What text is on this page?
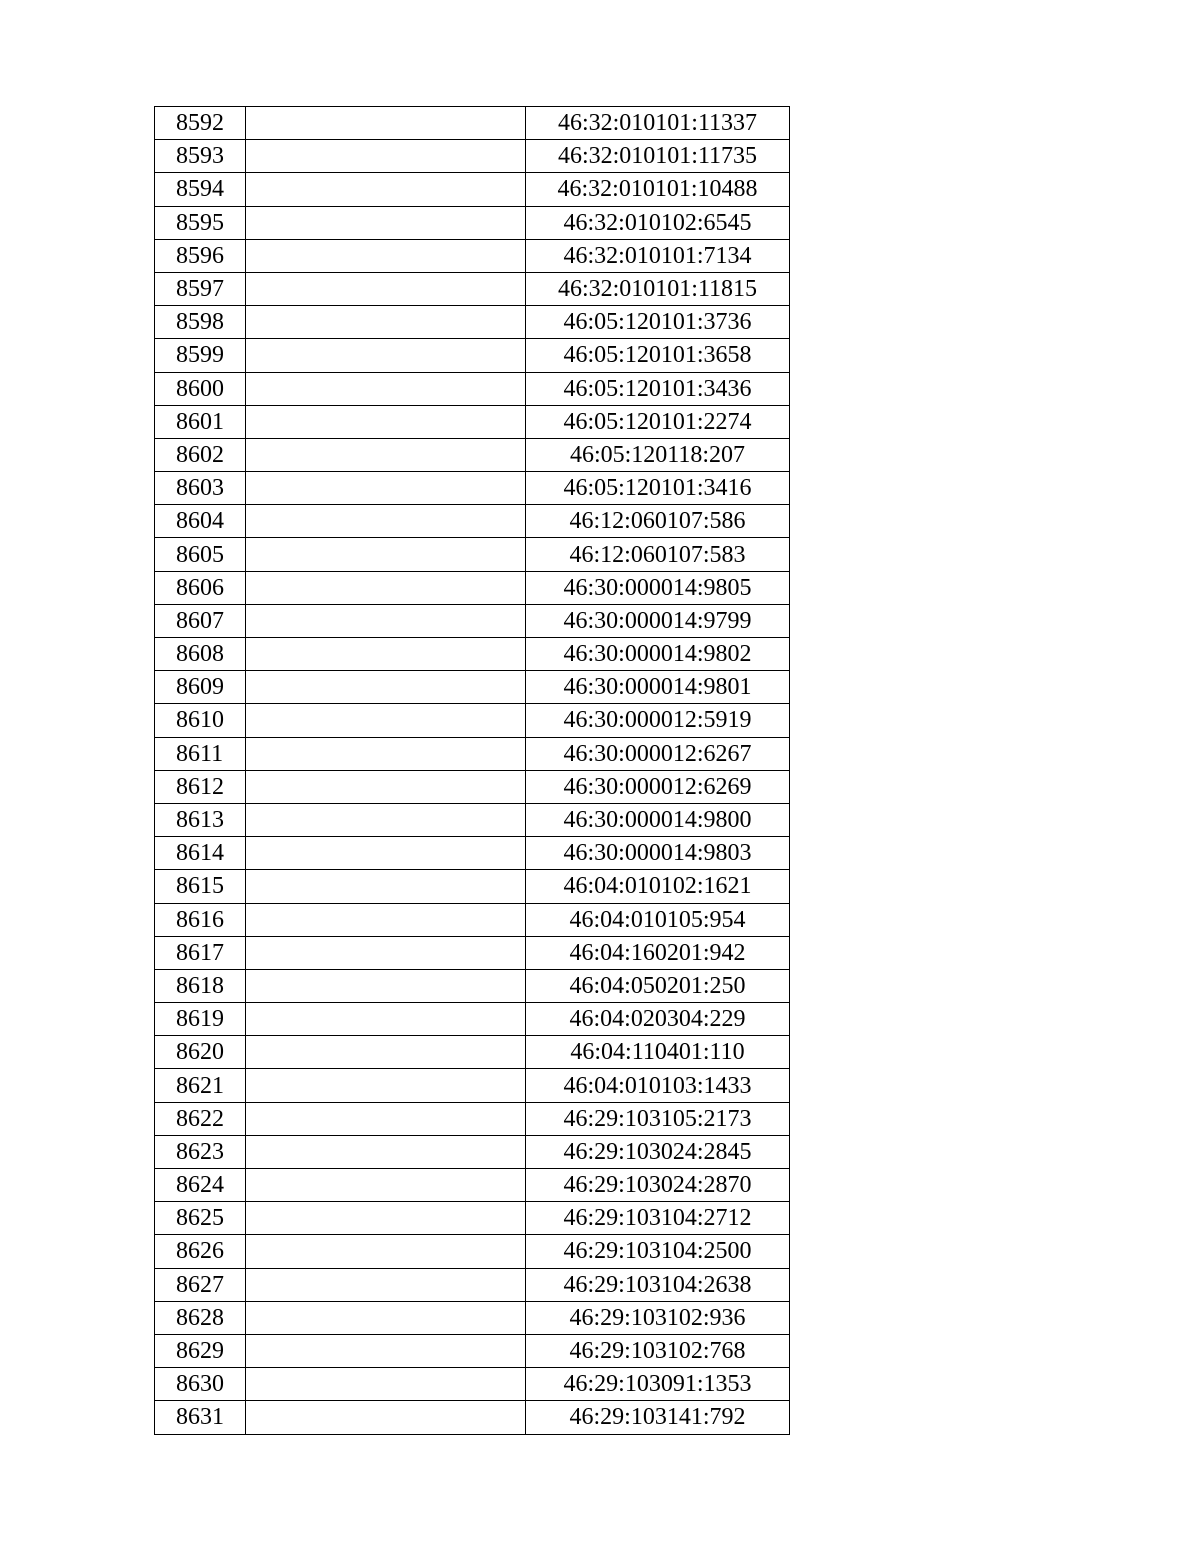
8592		46:32:010101:11337
8593		46:32:010101:11735
8594		46:32:010101:10488
8595		46:32:010102:6545
8596		46:32:010101:7134
8597		46:32:010101:11815
8598		46:05:120101:3736
8599		46:05:120101:3658
8600		46:05:120101:3436
8601		46:05:120101:2274
8602		46:05:120118:207
8603		46:05:120101:3416
8604		46:12:060107:586
8605		46:12:060107:583
8606		46:30:000014:9805
8607		46:30:000014:9799
8608		46:30:000014:9802
8609		46:30:000014:9801
8610		46:30:000012:5919
8611		46:30:000012:6267
8612		46:30:000012:6269
8613		46:30:000014:9800
8614		46:30:000014:9803
8615		46:04:010102:1621
8616		46:04:010105:954
8617		46:04:160201:942
8618		46:04:050201:250
8619		46:04:020304:229
8620		46:04:110401:110
8621		46:04:010103:1433
8622		46:29:103105:2173
8623		46:29:103024:2845
8624		46:29:103024:2870
8625		46:29:103104:2712
8626		46:29:103104:2500
8627		46:29:103104:2638
8628		46:29:103102:936
8629		46:29:103102:768
8630		46:29:103091:1353
8631		46:29:103141:792
